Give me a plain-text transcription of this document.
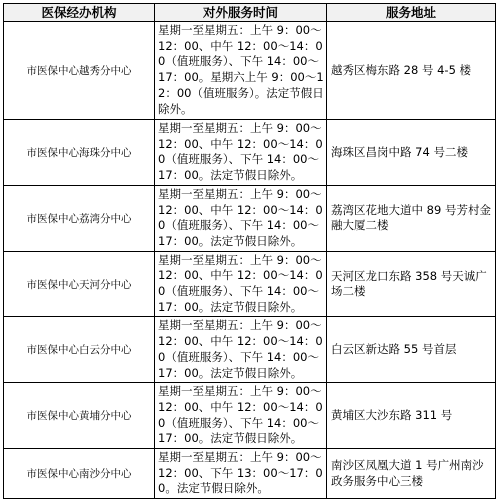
医保经办机构	对外服务时间	服务地址
市医保中心越秀分中心	星期一至星期五：上午 9：00～12：00、中午 12：00～14：00（值班服务）、下午 14：00～17：00。星期六上午 9：00～12：00（值班服务）。法定节假日除外。	越秀区梅东路 28 号 4-5 楼
市医保中心海珠分中心	星期一至星期五：上午 9：00～12：00、中午 12：00～14：00（值班服务）、下午 14：00～17：00。法定节假日除外。	海珠区昌岗中路 74 号二楼
市医保中心荔湾分中心	星期一至星期五：上午 9：00～12：00、中午 12：00～14：00（值班服务）、下午 14：00～17：00。法定节假日除外。	荔湾区花地大道中 89 号芳村金融大厦二楼
市医保中心天河分中心	星期一至星期五：上午 9：00～12：00、中午 12：00～14：00（值班服务）、下午 14：00～17：00。法定节假日除外。	天河区龙口东路 358 号天诚广场二楼
市医保中心白云分中心	星期一至星期五：上午 9：00～12：00、中午 12：00～14：00（值班服务）、下午 14：00～17：00。法定节假日除外。	白云区新达路 55 号首层
市医保中心黄埔分中心	星期一至星期五：上午 9：00～12：00、中午 12：00～14：00（值班服务）、下午 14：00～17：00。法定节假日除外。	黄埔区大沙东路 311 号
市医保中心南沙分中心	星期一至星期五：上午 9：00～12：00、下午 13：00～17：00。法定节假日除外。	南沙区凤凰大道 1 号广州南沙政务服务中心三楼
